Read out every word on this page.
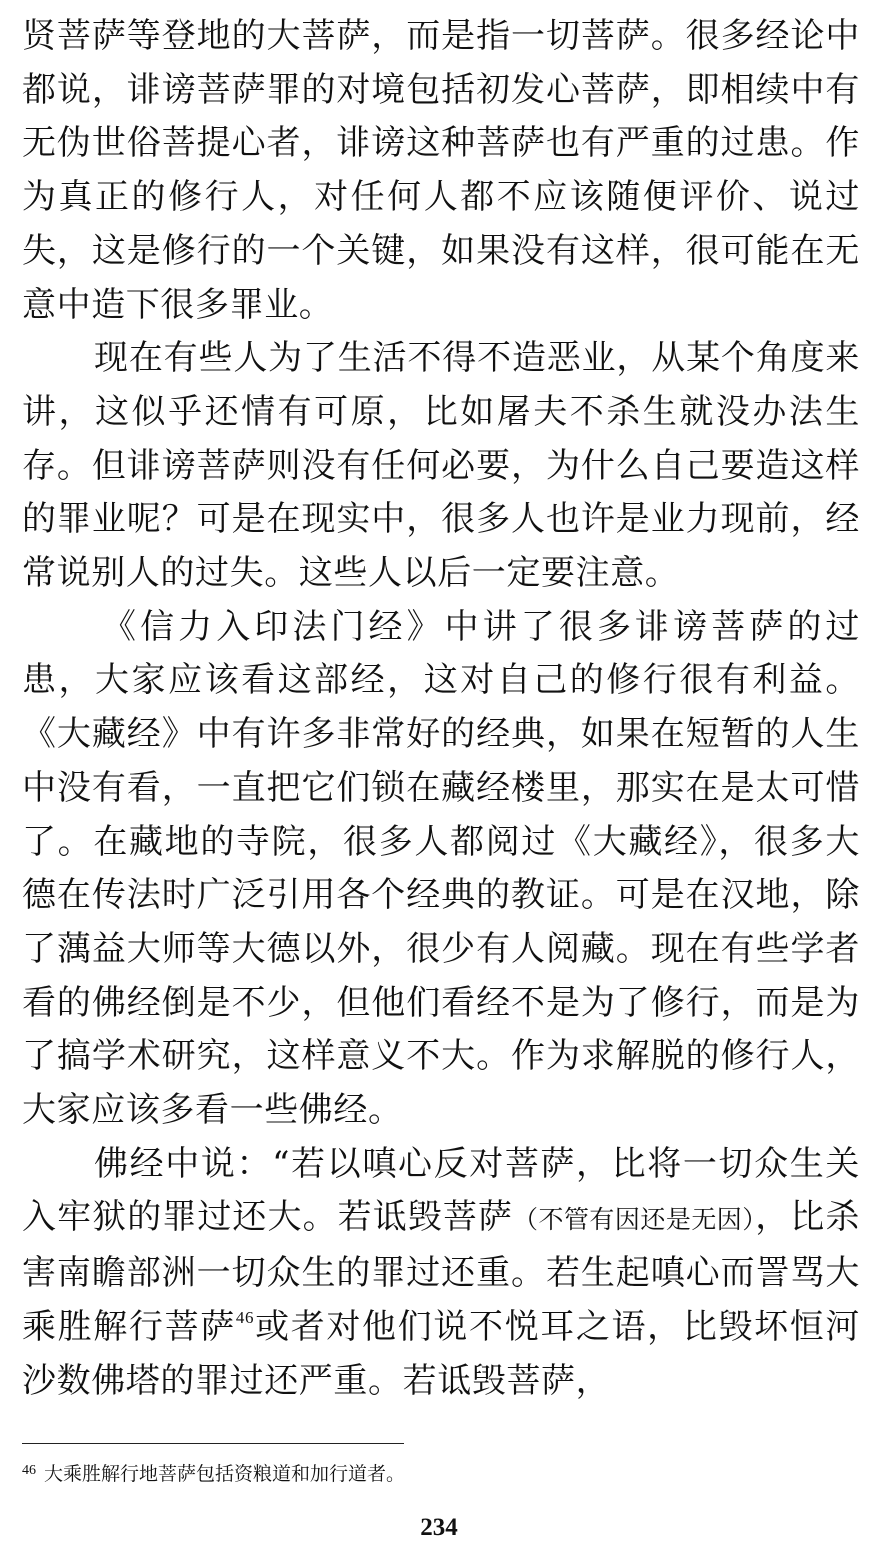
贤菩萨等登地的大菩萨，而是指一切菩萨。很多经论中都说，诽谤菩萨罪的对境包括初发心菩萨，即相续中有无伪世俗菩提心者，诽谤这种菩萨也有严重的过患。作为真正的修行人，对任何人都不应该随便评价、说过失，这是修行的一个关键，如果没有这样，很可能在无意中造下很多罪业。

现在有些人为了生活不得不造恶业，从某个角度来讲，这似乎还情有可原，比如屠夫不杀生就没办法生存。但诽谤菩萨则没有任何必要，为什么自己要造这样的罪业呢？可是在现实中，很多人也许是业力现前，经常说别人的过失。这些人以后一定要注意。

《信力入印法门经》中讲了很多诽谤菩萨的过患，大家应该看这部经，这对自己的修行很有利益。《大藏经》中有许多非常好的经典，如果在短暂的人生中没有看，一直把它们锁在藏经楼里，那实在是太可惜了。在藏地的寺院，很多人都阅过《大藏经》，很多大德在传法时广泛引用各个经典的教证。可是在汉地，除了蕅益大师等大德以外，很少有人阅藏。现在有些学者看的佛经倒是不少，但他们看经不是为了修行，而是为了搞学术研究，这样意义不大。作为求解脱的修行人，大家应该多看一些佛经。

佛经中说：“若以嗔心反对菩萨，比将一切众生关入牢狱的罪过还大。若诋毁菩萨（不管有因还是无因），比杀害南瞻部洲一切众生的罪过还重。若生起嗔心而詈骂大乘胜解行菩萨$^{46}$或者对他们说不悦耳之语，比毁坏恒河沙数佛塔的罪过还严重。若诋毁菩萨，

$^{46}$ 大乘胜解行地菩萨包括资粮道和加行道者。
234
